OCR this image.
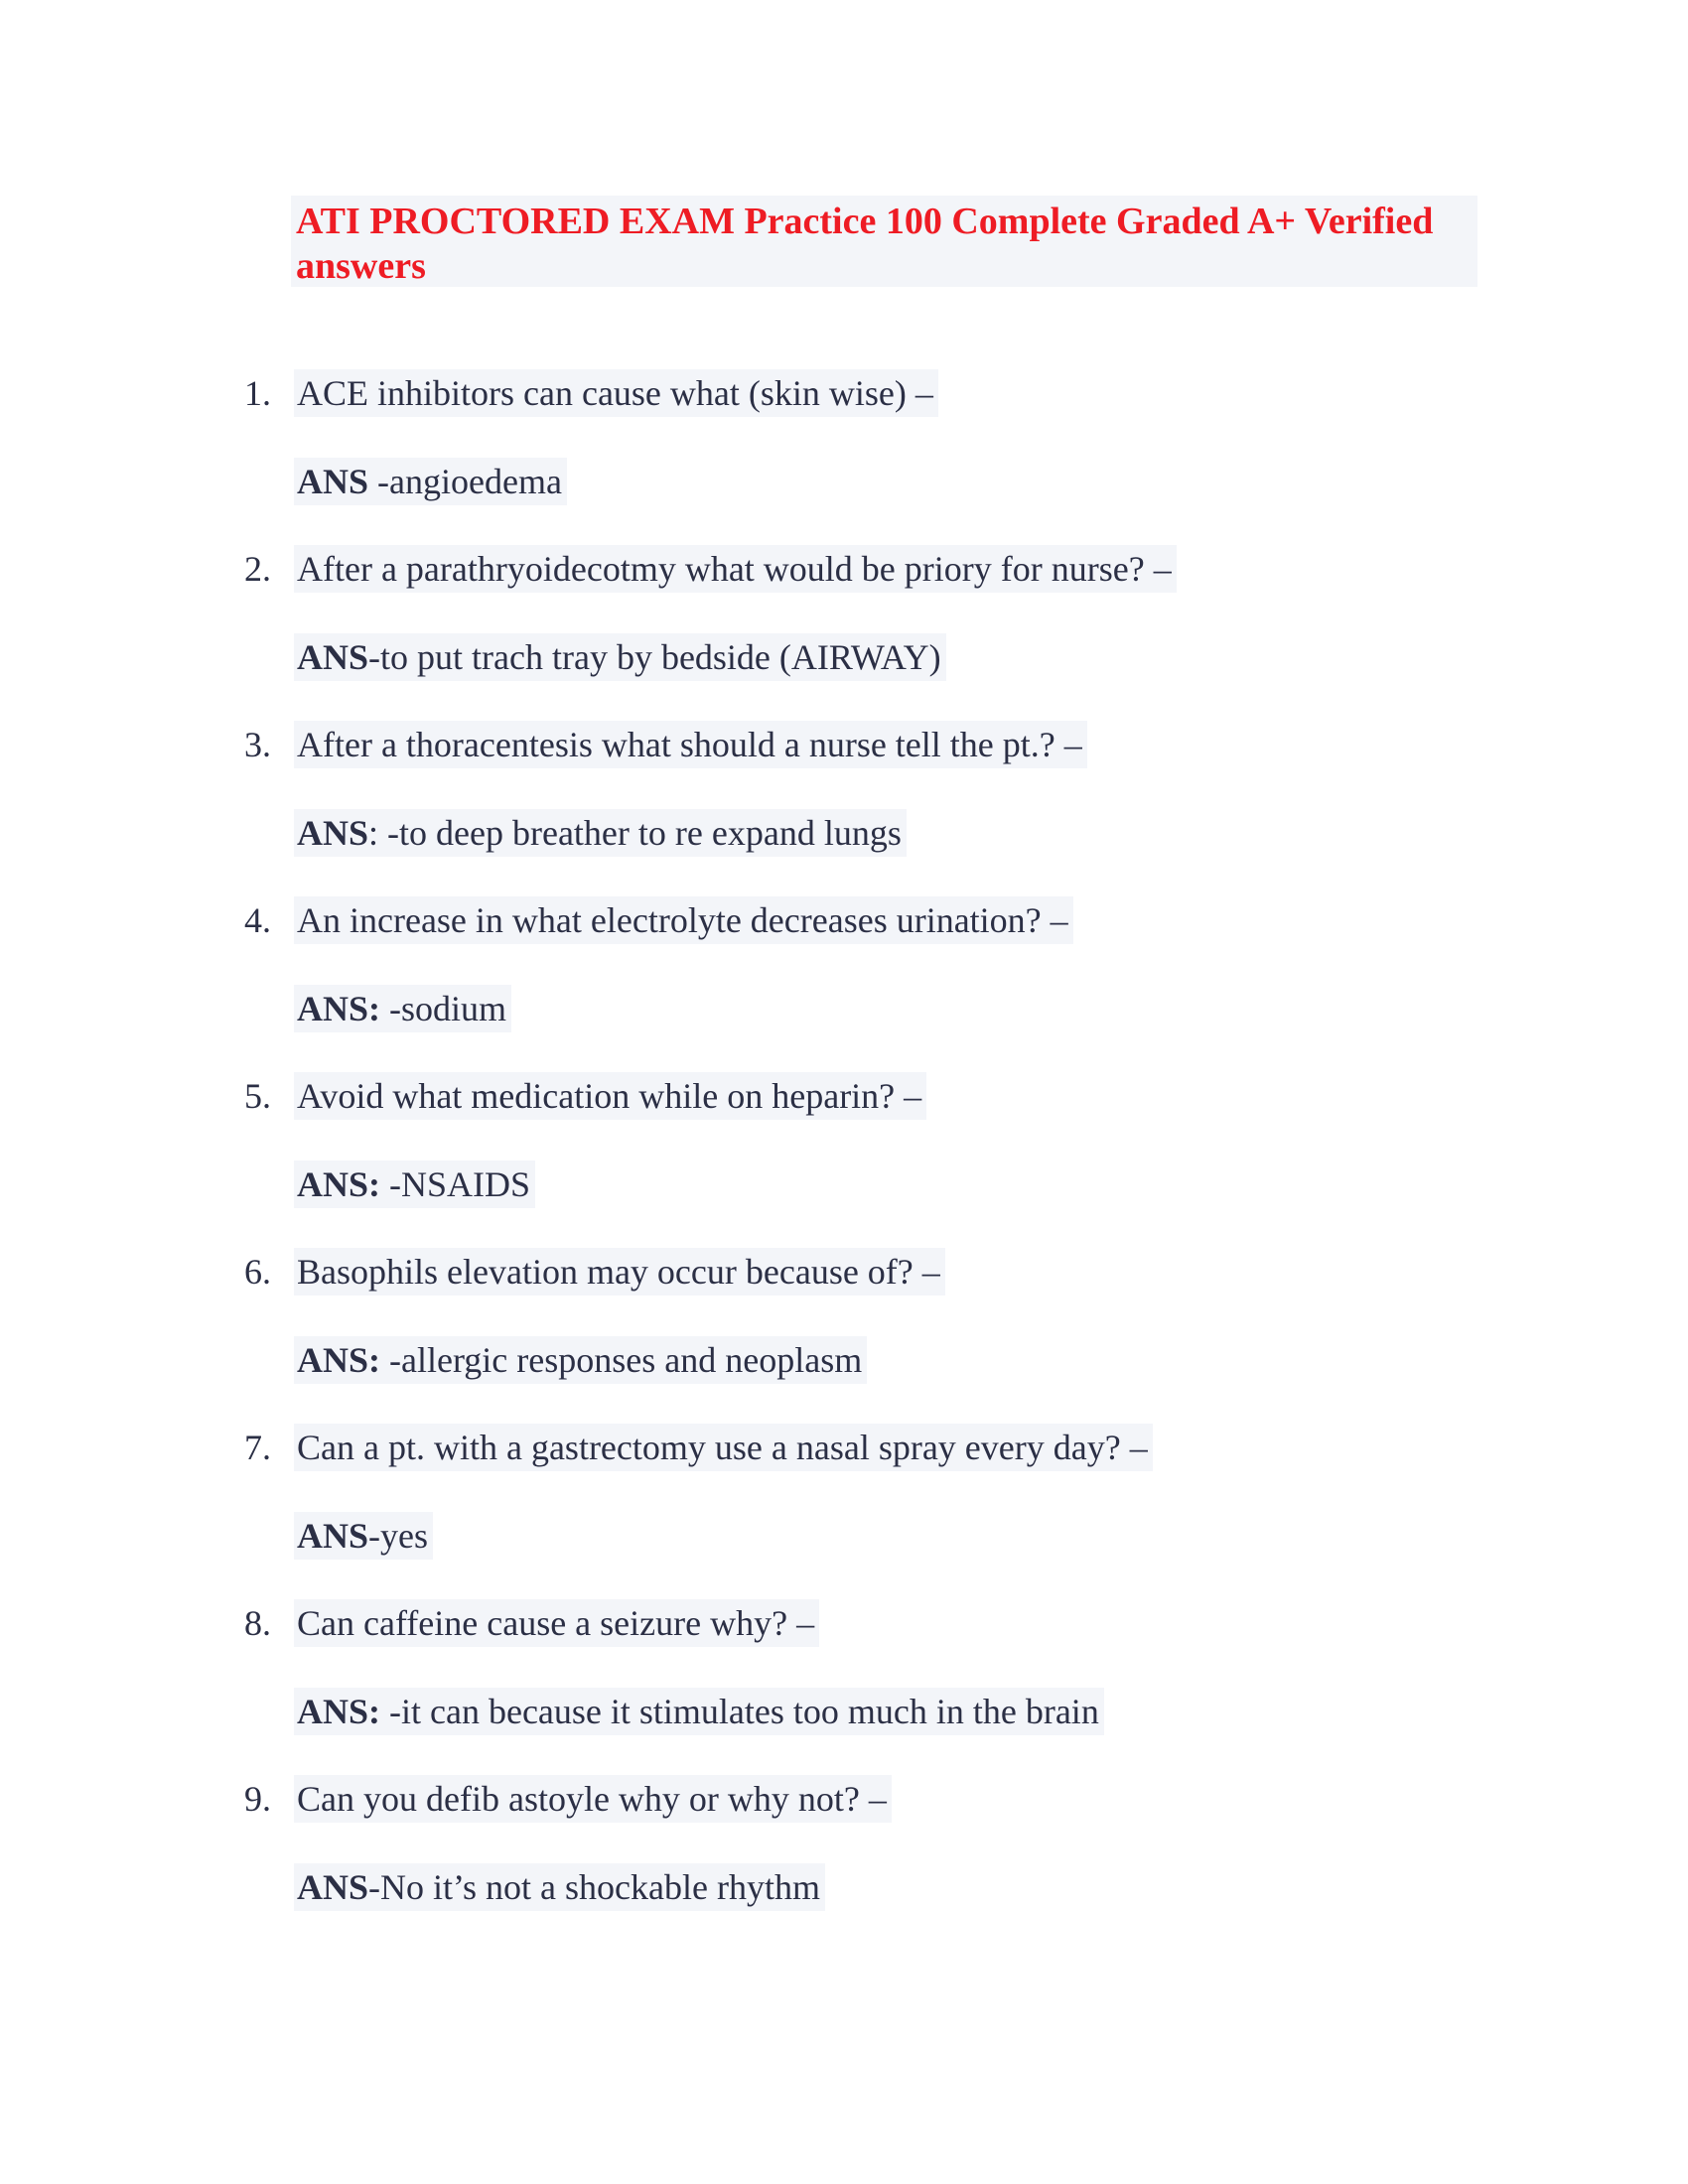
ATI PROCTORED EXAM Practice 100 Complete Graded A+ Verified answers

1. ACE inhibitors can cause what (skin wise) –
ANS -angioedema
2. After a parathryoidecotmy what would be priory for nurse? –
ANS-to put trach tray by bedside (AIRWAY)
3. After a thoracentesis what should a nurse tell the pt.? –
ANS: -to deep breather to re expand lungs
4. An increase in what electrolyte decreases urination? –
ANS: -sodium
5. Avoid what medication while on heparin? –
ANS: -NSAIDS
6. Basophils elevation may occur because of? –
ANS: -allergic responses and neoplasm
7. Can a pt. with a gastrectomy use a nasal spray every day? –
ANS-yes
8. Can caffeine cause a seizure why? –
ANS: -it can because it stimulates too much in the brain
9. Can you defib astoyle why or why not? –
ANS-No it’s not a shockable rhythm
